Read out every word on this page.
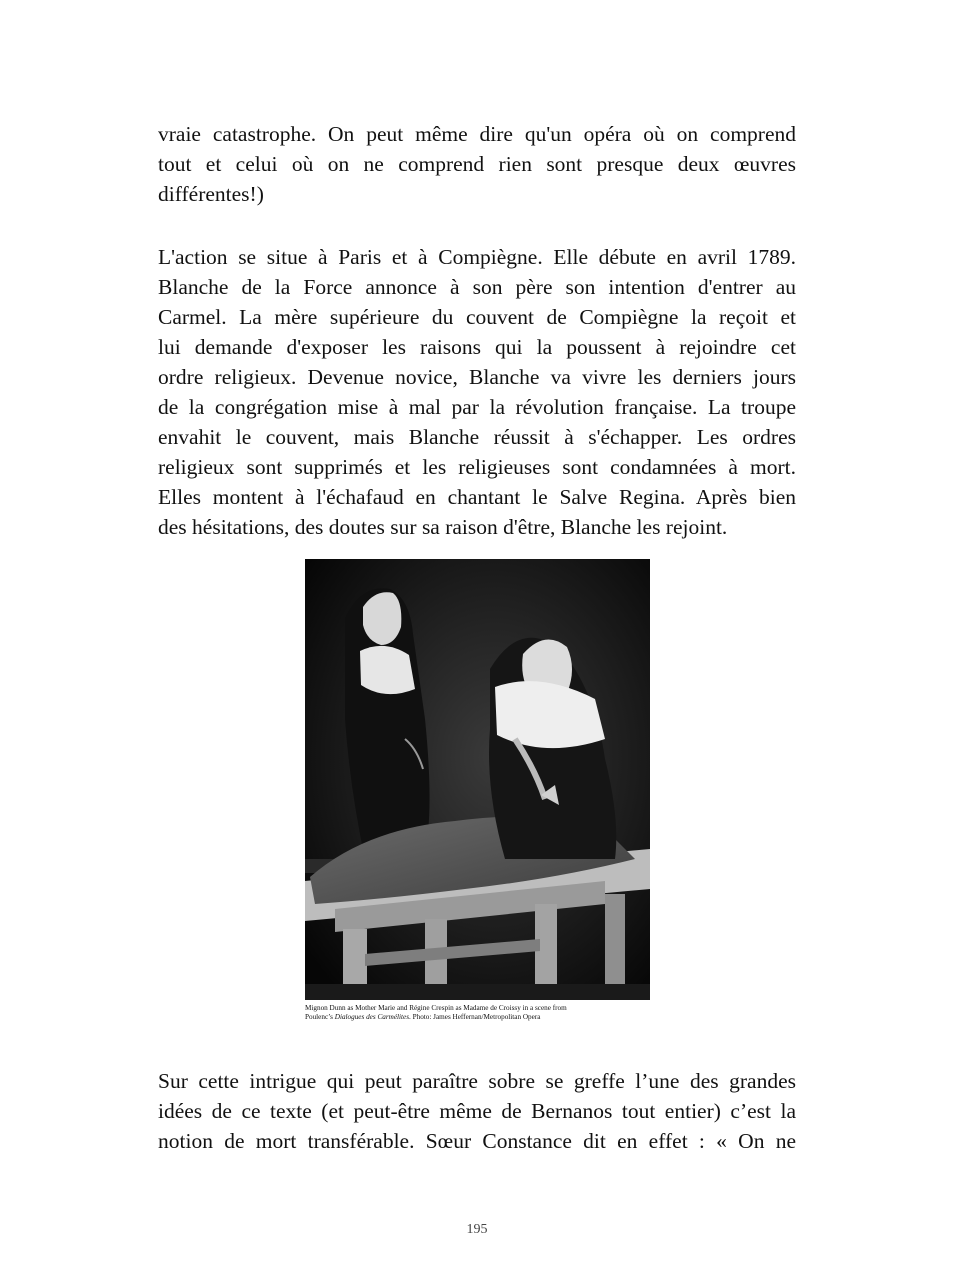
vraie catastrophe. On peut même dire qu'un opéra où on comprend
tout et celui où on ne comprend rien sont presque deux œuvres
différentes!)
L'action se situe à Paris et à Compiègne. Elle débute en avril 1789.
Blanche de la Force annonce à son père son intention d'entrer au
Carmel. La mère supérieure du couvent de Compiègne la reçoit et
lui demande d'exposer les raisons qui la poussent à rejoindre cet
ordre religieux. Devenue novice, Blanche va vivre les derniers jours
de la congrégation mise à mal par la révolution française. La troupe
envahit le couvent, mais Blanche réussit à s'échapper. Les ordres
religieux sont supprimés et les religieuses sont condamnées à mort.
Elles montent à l'échafaud en chantant le Salve Regina. Après bien
des hésitations, des doutes sur sa raison d'être, Blanche les rejoint.
Mignon Dunn as Mother Marie and Régine Crespin as Madame de Croissy in a scene from
Poulenc’s Dialogues des Carmélites. Photo: James Heffernan/Metropolitan Opera
Sur cette intrigue qui peut paraître sobre se greffe l’une des grandes
idées de ce texte (et peut-être même de Bernanos tout entier) c’est la
notion de mort transférable. Sœur Constance dit en effet : « On ne
195
